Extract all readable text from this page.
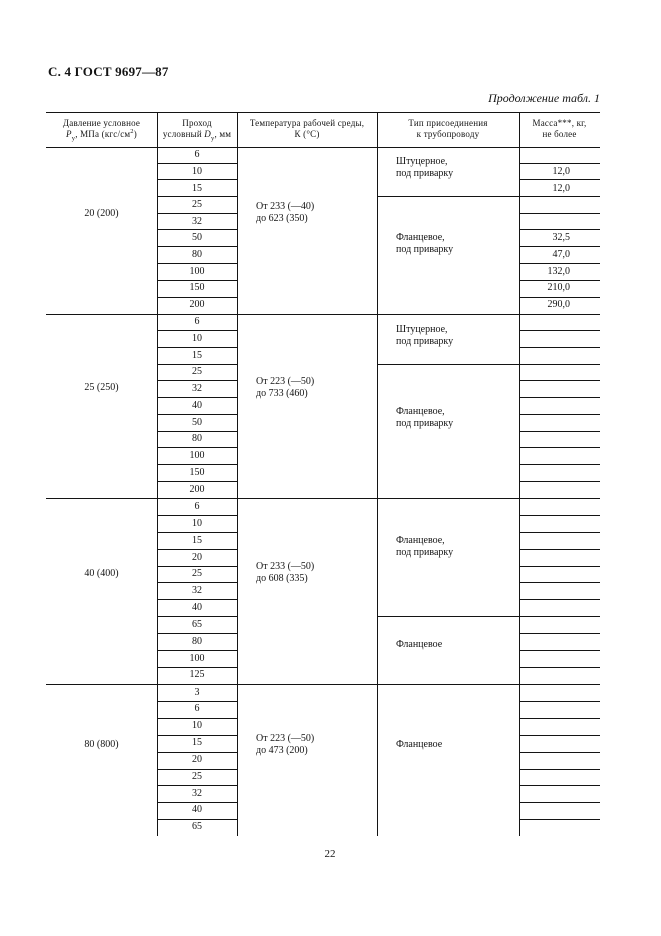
С. 4 ГОСТ 9697—87
Продолжение табл. 1
Давление условное
$P_y$, МПа $(кгс/см^2)$
Проход
условный $D_y$, мм
Температура рабочей среды,
К (°С)
Тип присоединения
к трубопроводу
Масса***, кг,
не более
20 (200)
От 233 (—40)
до 623 (350)
Штуцерное,
под приварку
Фланцевое,
под приварку
6
10
15
25
32
50
80
100
150
200
12,0
12,0
32,5
47,0
132,0
210,0
290,0
25 (250)
От 223 (—50)
до 733 (460)
Штуцерное,
под приварку
Фланцевое,
под приварку
6
10
15
25
32
40
50
80
100
150
200
40 (400)
От 233 (—50)
до 608 (335)
Фланцевое,
под приварку
Фланцевое
6
10
15
20
25
32
40
65
80
100
125
80 (800)
От 223 (—50)
до 473 (200)
Фланцевое
3
6
10
15
20
25
32
40
65
22
